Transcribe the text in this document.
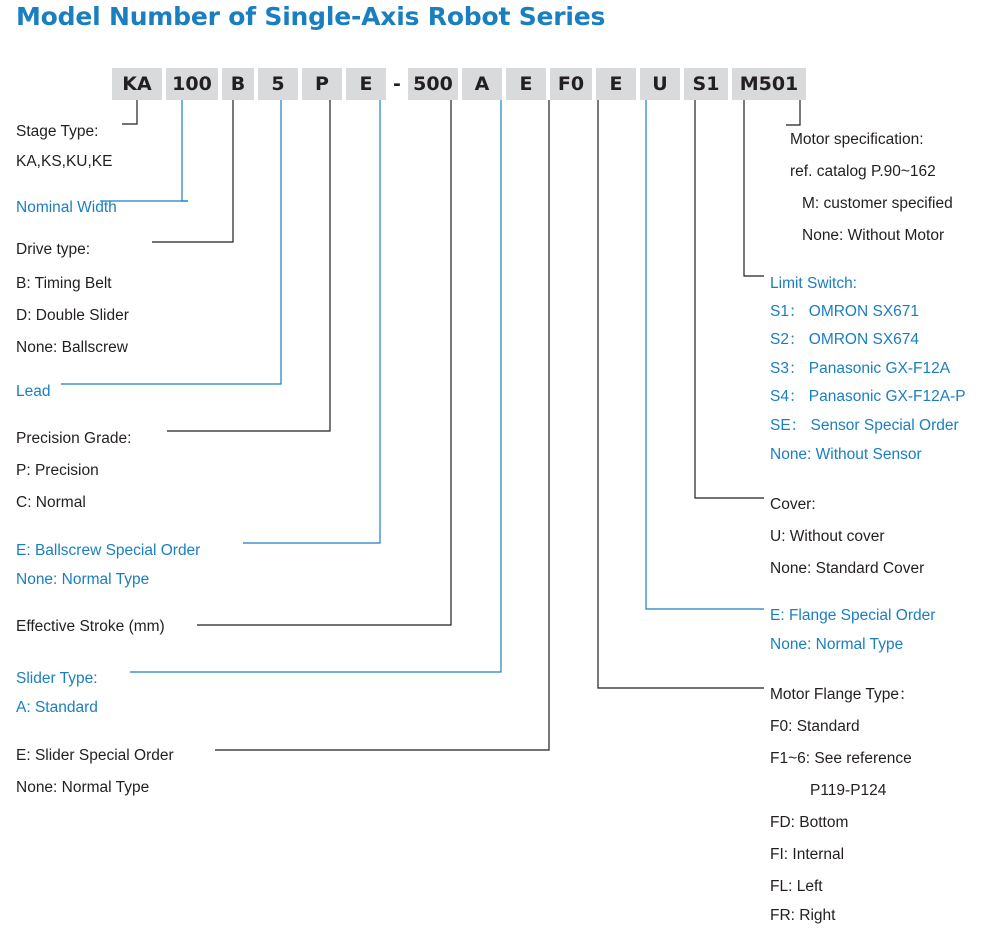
Model Number of Single-Axis Robot Series
KA	100 B	5	P	E	- 500	A	E	F0	E	U	S1	M501
Stage Type:
KA,KS,KU,KE
Nominal Width
Drive type:
B: Timing Belt
D: Double Slider
None: Ballscrew
Lead
Precision Grade:
P: Precision
C: Normal
E: Ballscrew Special Order
None: Normal Type
Effective Stroke (mm)
Slider Type:
A: Standard
E: Slider Special Order
None: Normal Type
Motor specification:
ref. catalog P.90~162
M: customer specified
None: Without Motor
Limit Switch:
S1： OMRON SX671
S2： OMRON SX674
S3： Panasonic GX-F12A
S4： Panasonic GX-F12A-P
SE： Sensor Special Order
None: Without Sensor
Cover:
U: Without cover
None: Standard Cover
E: Flange Special Order
None: Normal Type
Motor Flange Type：
F0: Standard
F1~6: See reference
P119-P124
FD: Bottom
FI: Internal
FL: Left
FR: Right
